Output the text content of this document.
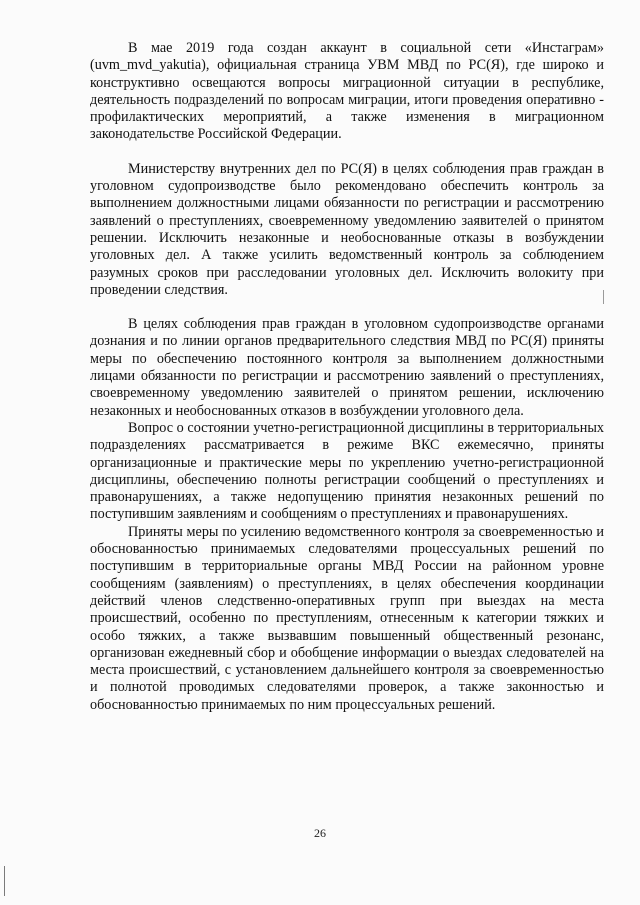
В мае 2019 года создан аккаунт в социальной сети «Инстаграм» (uvm_mvd_yakutia), официальная страница УВМ МВД по РС(Я), где широко и конструктивно освещаются вопросы миграционной ситуации в республике, деятельность подразделений по вопросам миграции, итоги проведения оперативно - профилактических мероприятий, а также изменения в миграционном законодательстве Российской Федерации.

Министерству внутренних дел по РС(Я) в целях соблюдения прав граждан в уголовном судопроизводстве было рекомендовано обеспечить контроль за выполнением должностными лицами обязанности по регистрации и рассмотрению заявлений о преступлениях, своевременному уведомлению заявителей о принятом решении. Исключить незаконные и необоснованные отказы в возбуждении уголовных дел. А также усилить ведомственный контроль за соблюдением разумных сроков при расследовании уголовных дел. Исключить волокиту при проведении следствия.

В целях соблюдения прав граждан в уголовном судопроизводстве органами дознания и по линии органов предварительного следствия МВД по РС(Я) приняты меры по обеспечению постоянного контроля за выполнением должностными лицами обязанности по регистрации и рассмотрению заявлений о преступлениях, своевременному уведомлению заявителей о принятом решении, исключению незаконных и необоснованных отказов в возбуждении уголовного дела.

Вопрос о состоянии учетно-регистрационной дисциплины в территориальных подразделениях рассматривается в режиме ВКС ежемесячно, приняты организационные и практические меры по укреплению учетно-регистрационной дисциплины, обеспечению полноты регистрации сообщений о преступлениях и правонарушениях, а также недопущению принятия незаконных решений по поступившим заявлениям и сообщениям о преступлениях и правонарушениях.

Приняты меры по усилению ведомственного контроля за своевременностью и обоснованностью принимаемых следователями процессуальных решений по поступившим в территориальные органы МВД России на районном уровне сообщениям (заявлениям) о преступлениях, в целях обеспечения координации действий членов следственно-оперативных групп при выездах на места происшествий, особенно по преступлениям, отнесенным к категории тяжких и особо тяжких, а также вызвавшим повышенный общественный резонанс, организован ежедневный сбор и обобщение информации о выездах следователей на места происшествий, с установлением дальнейшего контроля за своевременностью и полнотой проводимых следователями проверок, а также законностью и обоснованностью принимаемых по ним процессуальных решений.

26
